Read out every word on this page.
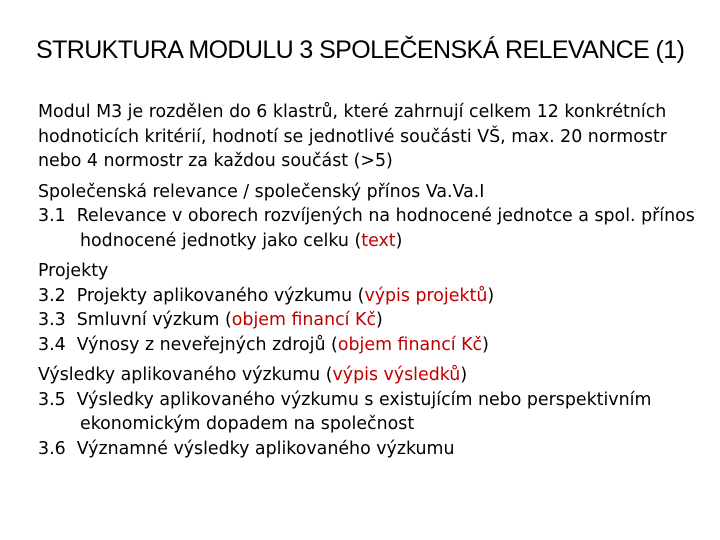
STRUKTURA MODULU 3 SPOLEČENSKÁ RELEVANCE (1)
Modul M3 je rozdělen do 6 klastrů, které zahrnují celkem 12 konkrétních hodnoticích kritérií, hodnotí se jednotlivé součásti VŠ, max. 20 normostr nebo 4 normostr za každou součást (>5)
Společenská relevance / společenský přínos Va.Va.I
3.1 Relevance v oborech rozvíjených na hodnocené jednotce a spol. přínos hodnocené jednotky jako celku (text)
Projekty
3.2 Projekty aplikovaného výzkumu (výpis projektů)
3.3 Smluvní výzkum (objem financí Kč)
3.4 Výnosy z neveřejných zdrojů (objem financí Kč)
Výsledky aplikovaného výzkumu (výpis výsledků)
3.5 Výsledky aplikovaného výzkumu s existujícím nebo perspektivním ekonomickým dopadem na společnost
3.6 Významné výsledky aplikovaného výzkumu
